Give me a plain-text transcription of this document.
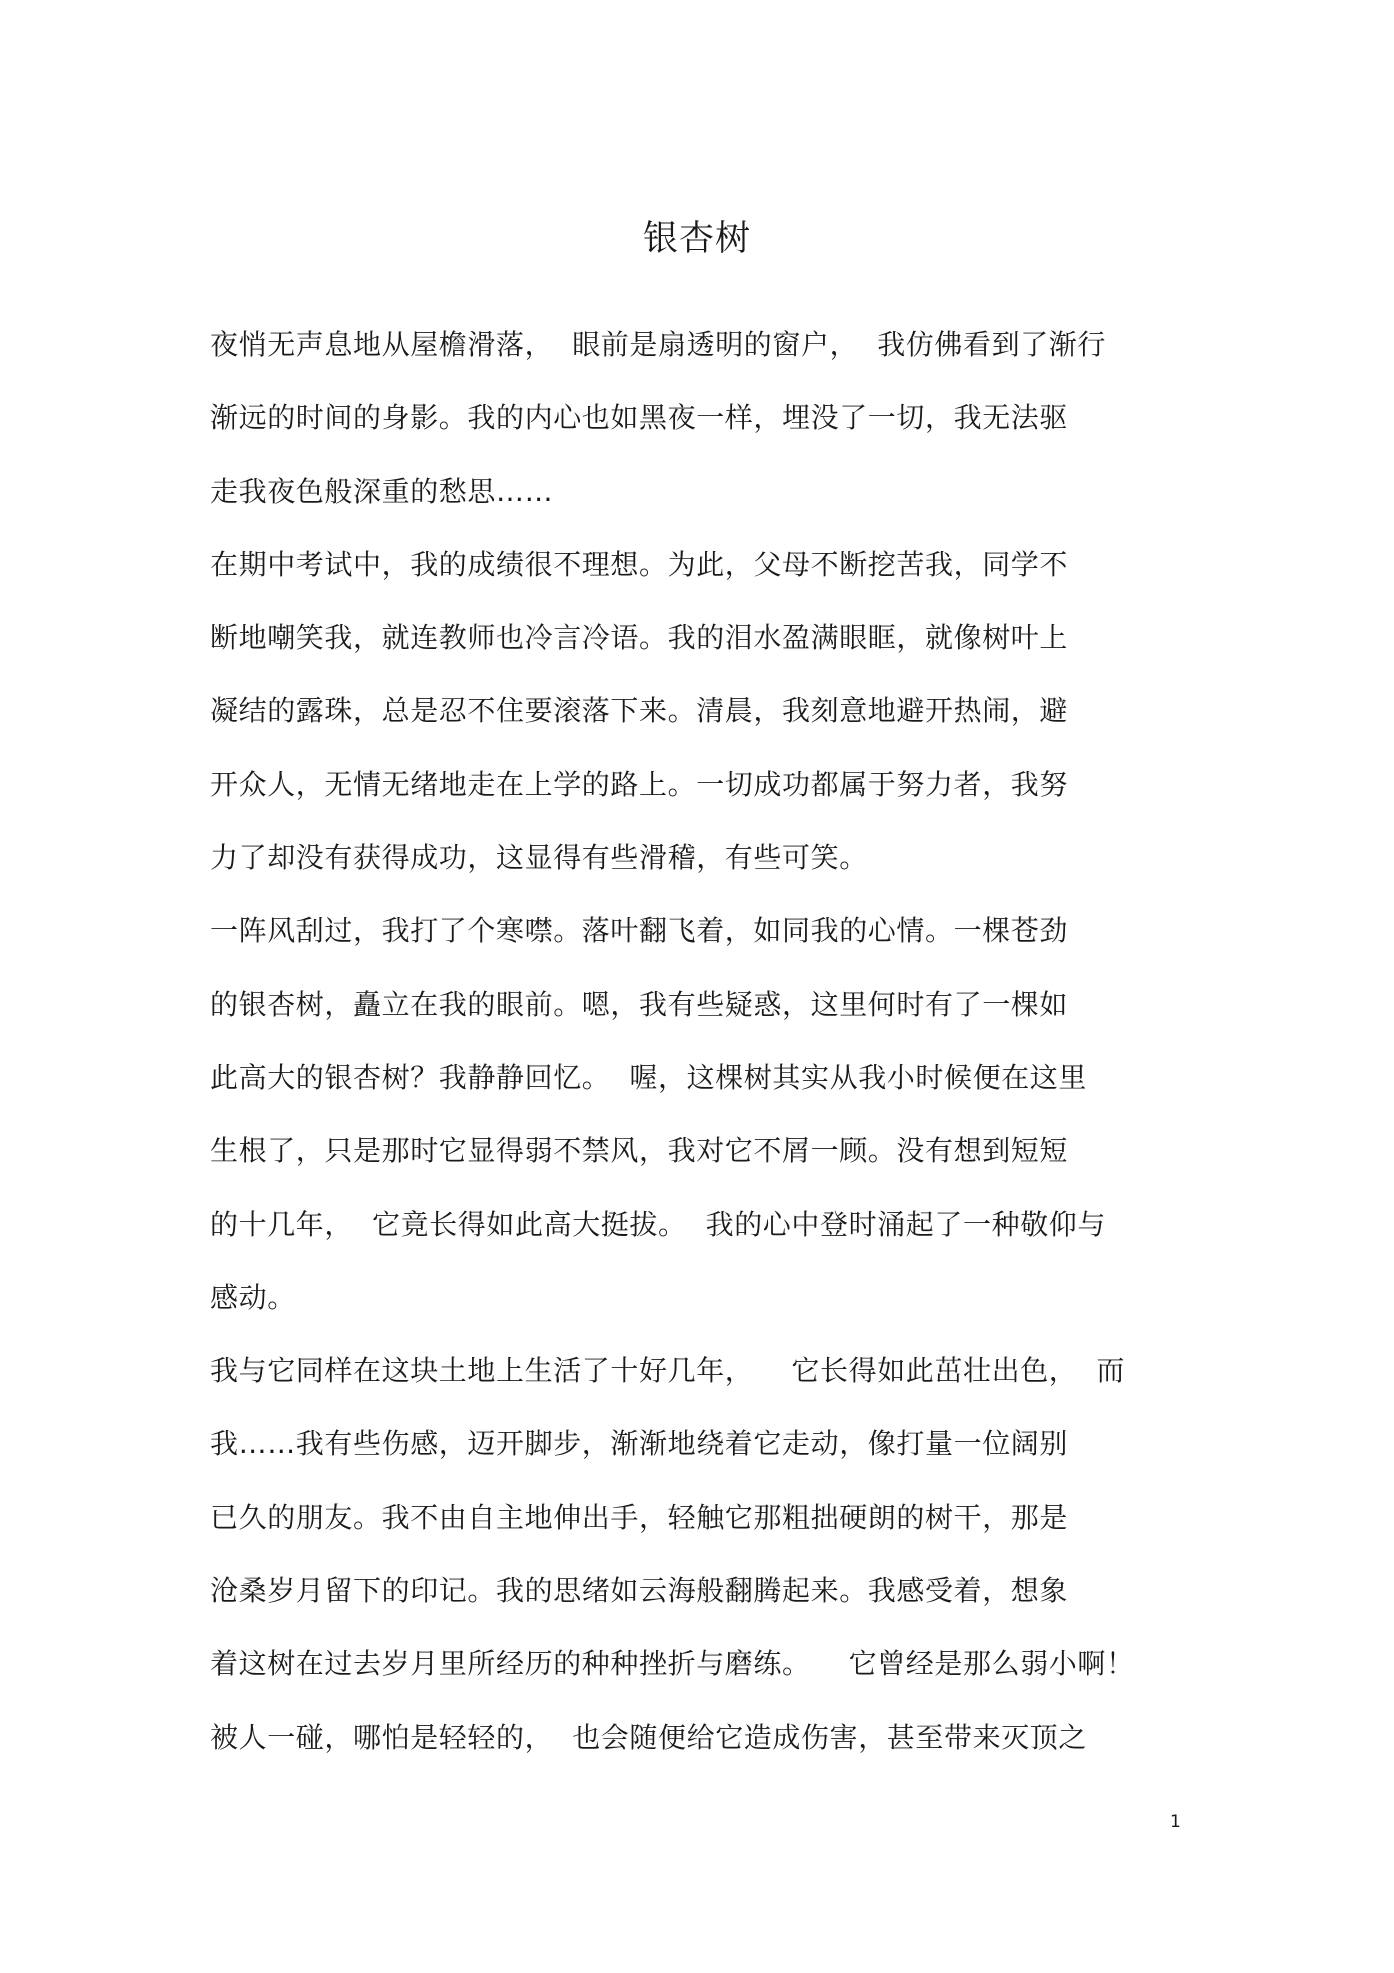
银杏树
夜悄无声息地从屋檐滑落，  眼前是扇透明的窗户，  我仿佛看到了渐行
渐远的时间的身影。我的内心也如黑夜一样，埋没了一切，我无法驱
走我夜色般深重的愁思……
在期中考试中，我的成绩很不理想。为此，父母不断挖苦我，同学不
断地嘲笑我，就连教师也冷言冷语。我的泪水盈满眼眶，就像树叶上
凝结的露珠，总是忍不住要滚落下来。清晨，我刻意地避开热闹，避
开众人，无情无绪地走在上学的路上。一切成功都属于努力者，我努
力了却没有获得成功，这显得有些滑稽，有些可笑。
一阵风刮过，我打了个寒噤。落叶翻飞着，如同我的心情。一棵苍劲
的银杏树，矗立在我的眼前。嗯，我有些疑惑，这里何时有了一棵如
此高大的银杏树？我静静回忆。  喔，这棵树其实从我小时候便在这里
生根了，只是那时它显得弱不禁风，我对它不屑一顾。没有想到短短
的十几年，  它竟长得如此高大挺拔。  我的心中登时涌起了一种敬仰与
感动。
我与它同样在这块土地上生活了十好几年，    它长得如此茁壮出色，  而
我……我有些伤感，迈开脚步，渐渐地绕着它走动，像打量一位阔别
已久的朋友。我不由自主地伸出手，轻触它那粗拙硬朗的树干，那是
沧桑岁月留下的印记。我的思绪如云海般翻腾起来。我感受着，想象
着这树在过去岁月里所经历的种种挫折与磨练。    它曾经是那么弱小啊！
被人一碰，哪怕是轻轻的，  也会随便给它造成伤害，甚至带来灭顶之
1
